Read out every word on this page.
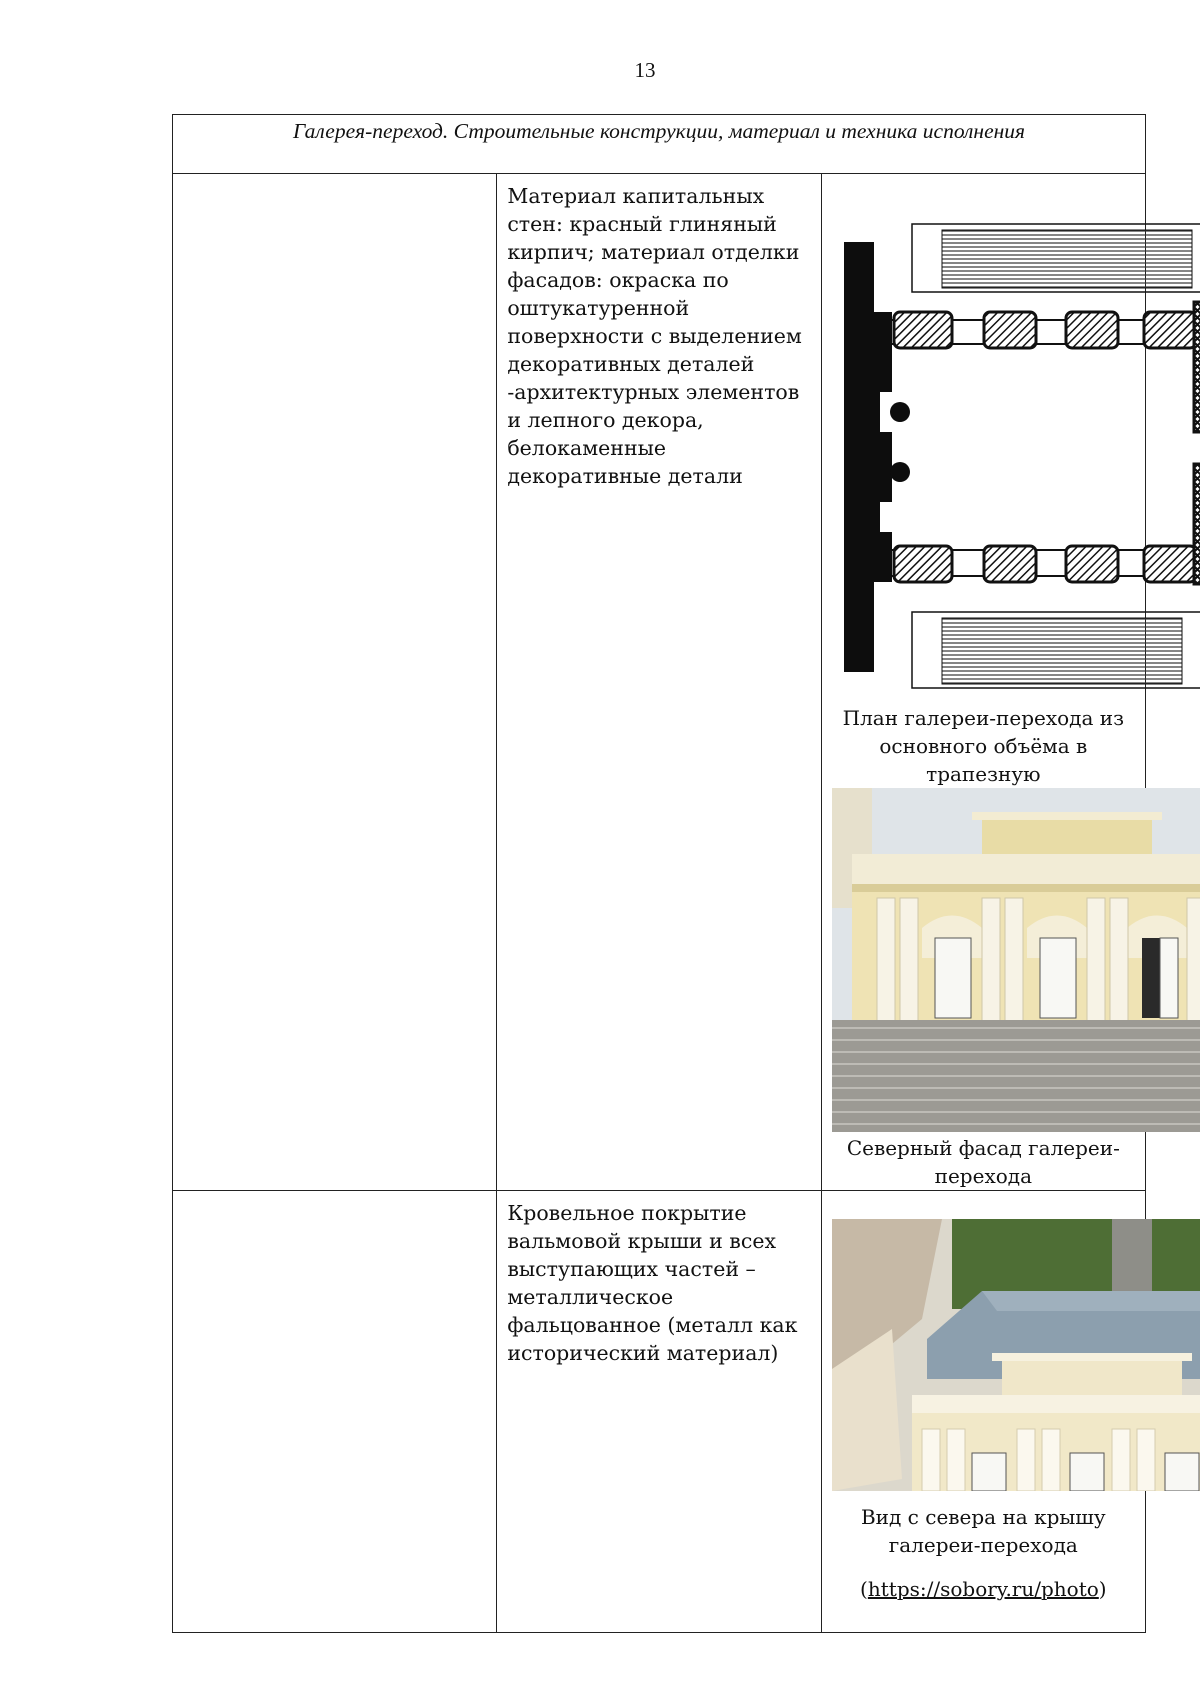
13
Галерея-переход. Строительные конструкции, материал и техника исполнения		
	Материал капитальных стен: красный глиняный кирпич; материал отделки фасадов: окраска по оштукатуренной поверхности с выделением декоративных деталей -архитектурных элементов и лепного декора, белокаменные декоративные детали	План галереи-перехода из основного объёма в трапезную
Северный фасад галереи-перехода

	Кровельное покрытие вальмовой крыши и всех выступающих частей – металлическое фальцованное (металл как исторический материал)	Вид с севера на крышу галереи-перехода
(https://sobory.ru/photo)
